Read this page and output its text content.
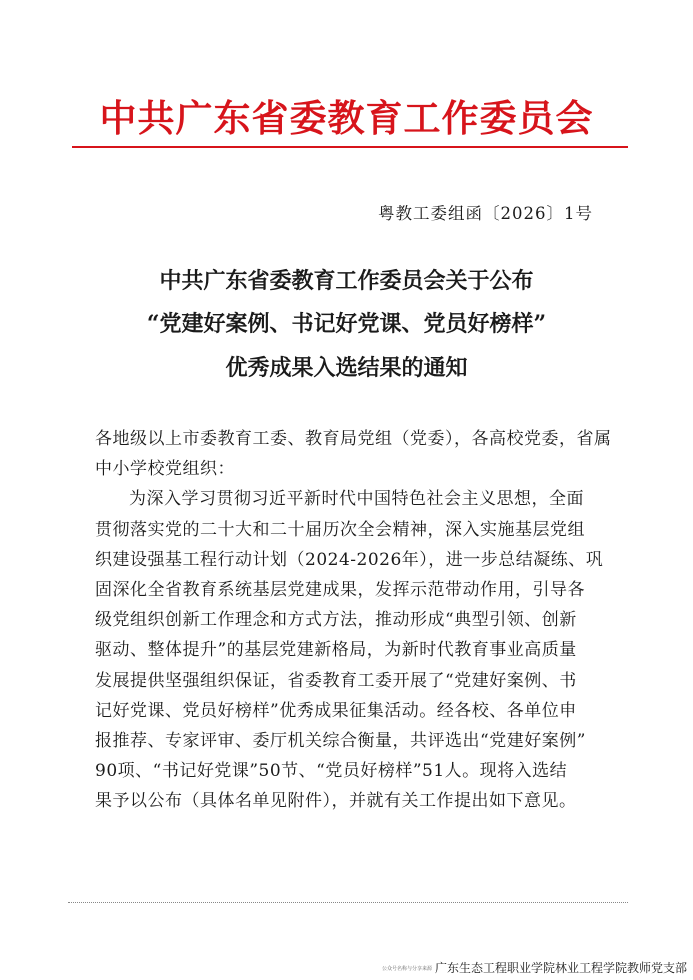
中共广东省委教育工作委员会
粤教工委组函〔2026〕1号
中共广东省委教育工作委员会关于公布
“党建好案例、书记好党课、党员好榜样”
优秀成果入选结果的通知
各地级以上市委教育工委、教育局党组（党委），各高校党委，省属
中小学校党组织：
为深入学习贯彻习近平新时代中国特色社会主义思想，全面
贯彻落实党的二十大和二十届历次全会精神，深入实施基层党组
织建设强基工程行动计划（2024-2026年），进一步总结凝练、巩
固深化全省教育系统基层党建成果，发挥示范带动作用，引导各
级党组织创新工作理念和方式方法，推动形成“典型引领、创新
驱动、整体提升”的基层党建新格局，为新时代教育事业高质量
发展提供坚强组织保证，省委教育工委开展了“党建好案例、书
记好党课、党员好榜样”优秀成果征集活动。经各校、各单位申
报推荐、专家评审、委厅机关综合衡量，共评选出“党建好案例”
90项、“书记好党课”50节、“党员好榜样”51人。现将入选结
果予以公布（具体名单见附件），并就有关工作提出如下意见。
公众号名称与分享来源 广东生态工程职业学院林业工程学院教师党支部
